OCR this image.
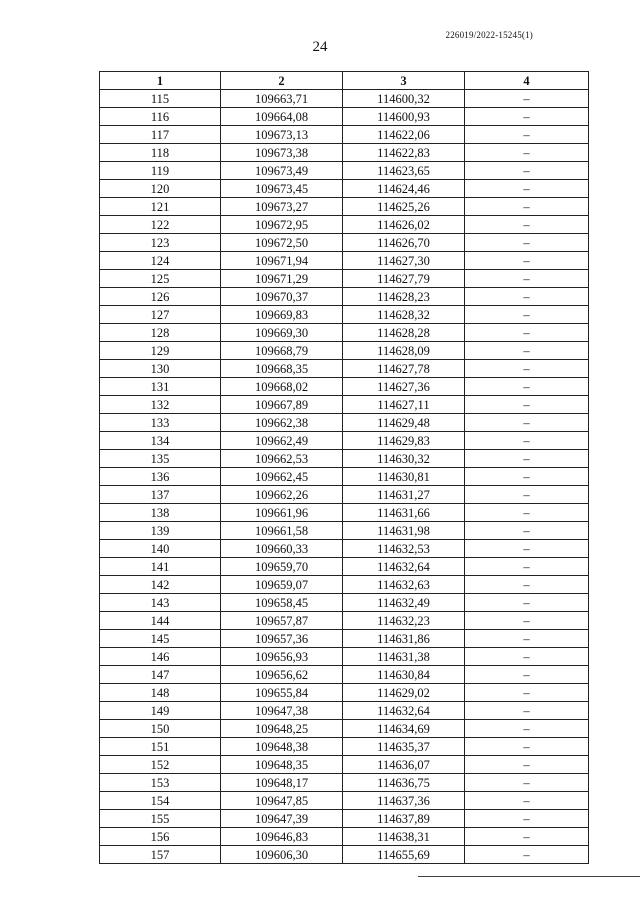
226019/2022-15245(1)
24
1	2	3	4
115	109663,71	114600,32	–
116	109664,08	114600,93	–
117	109673,13	114622,06	–
118	109673,38	114622,83	–
119	109673,49	114623,65	–
120	109673,45	114624,46	–
121	109673,27	114625,26	–
122	109672,95	114626,02	–
123	109672,50	114626,70	–
124	109671,94	114627,30	–
125	109671,29	114627,79	–
126	109670,37	114628,23	–
127	109669,83	114628,32	–
128	109669,30	114628,28	–
129	109668,79	114628,09	–
130	109668,35	114627,78	–
131	109668,02	114627,36	–
132	109667,89	114627,11	–
133	109662,38	114629,48	–
134	109662,49	114629,83	–
135	109662,53	114630,32	–
136	109662,45	114630,81	–
137	109662,26	114631,27	–
138	109661,96	114631,66	–
139	109661,58	114631,98	–
140	109660,33	114632,53	–
141	109659,70	114632,64	–
142	109659,07	114632,63	–
143	109658,45	114632,49	–
144	109657,87	114632,23	–
145	109657,36	114631,86	–
146	109656,93	114631,38	–
147	109656,62	114630,84	–
148	109655,84	114629,02	–
149	109647,38	114632,64	–
150	109648,25	114634,69	–
151	109648,38	114635,37	–
152	109648,35	114636,07	–
153	109648,17	114636,75	–
154	109647,85	114637,36	–
155	109647,39	114637,89	–
156	109646,83	114638,31	–
157	109606,30	114655,69	–
